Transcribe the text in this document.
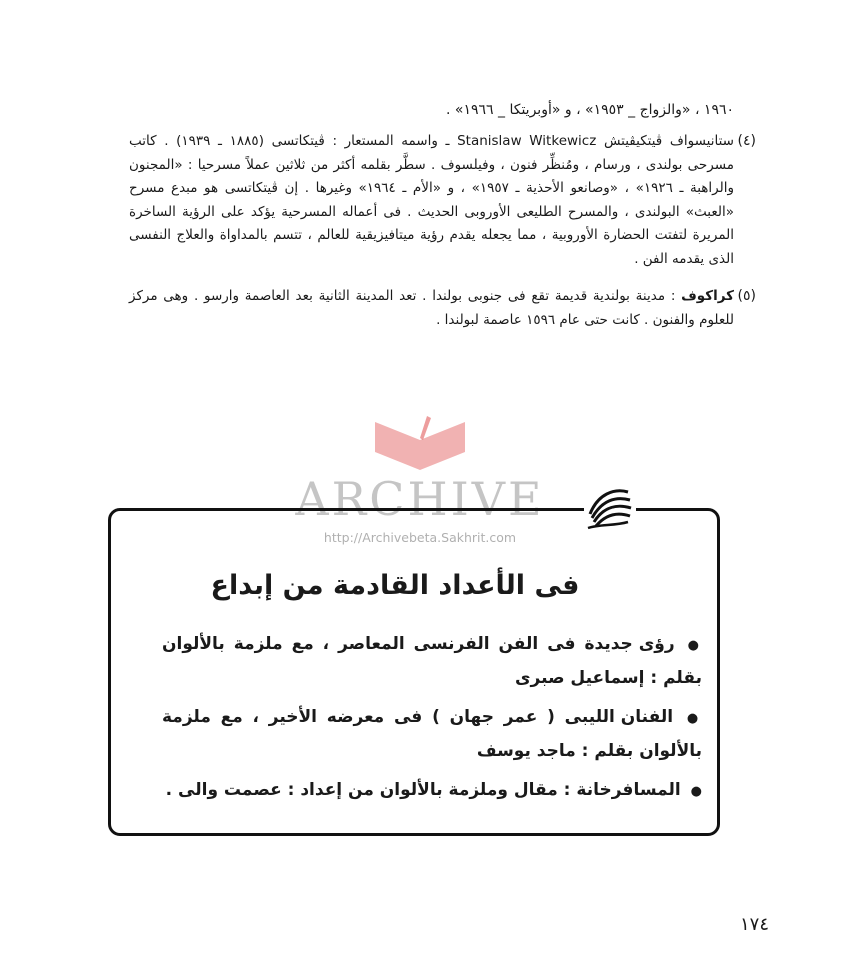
١٩٦٠ ، «والزواج _ ١٩٥٣» ، و «أوبريتكا _ ١٩٦٦» .
(٤)
ستانيسواف ڤيتكيڤيتش Stanislaw Witkewicz ـ واسمه المستعار : ڤيتكاتسى (١٨٨٥ ـ ١٩٣٩) . كاتب مسرحى بولندى ، ورسام ، ومُنظِّر فنون ، وفيلسوف . سطَّر بقلمه أكثر من ثلاثين عملاً مسرحيا : «المجنون والراهبة ـ ١٩٢٦» ، «وصانعو الأحذية ـ ١٩٥٧» ، و «الأم ـ ١٩٦٤» وغيرها . إن ڤيتكاتسى هو مبدع مسرح «العبث» البولندى ، والمسرح الطليعى الأوروبى الحديث . فى أعماله المسرحية يؤكد على الرؤية الساخرة المريرة لتفتت الحضارة الأوروبية ، مما يجعله يقدم رؤية ميتافيزيقية للعالم ، تتسم بالمداواة والعلاج النفسى الذى يقدمه الفن .
(٥)
كراكوف : مدينة بولندية قديمة تقع فى جنوبى بولندا . تعد المدينة الثانية بعد العاصمة وارسو . وهى مركز للعلوم والفنون . كانت حتى عام ١٥٩٦ عاصمة لبولندا .
ARCHIVE
http://Archivebeta.Sakhrit.com
فى الأعداد القادمة من إبداع
● رؤى جديدة فى الفن الفرنسى المعاصر ، مع ملزمة بالألوان بقلم : إسماعيل صبرى
● الفنان الليبى ( عمر جهان ) فى معرضه الأخير ، مع ملزمة بالألوان بقلم : ماجد يوسف
● المسافرخانة : مقال وملزمة بالألوان من إعداد : عصمت والى .
١٧٤
